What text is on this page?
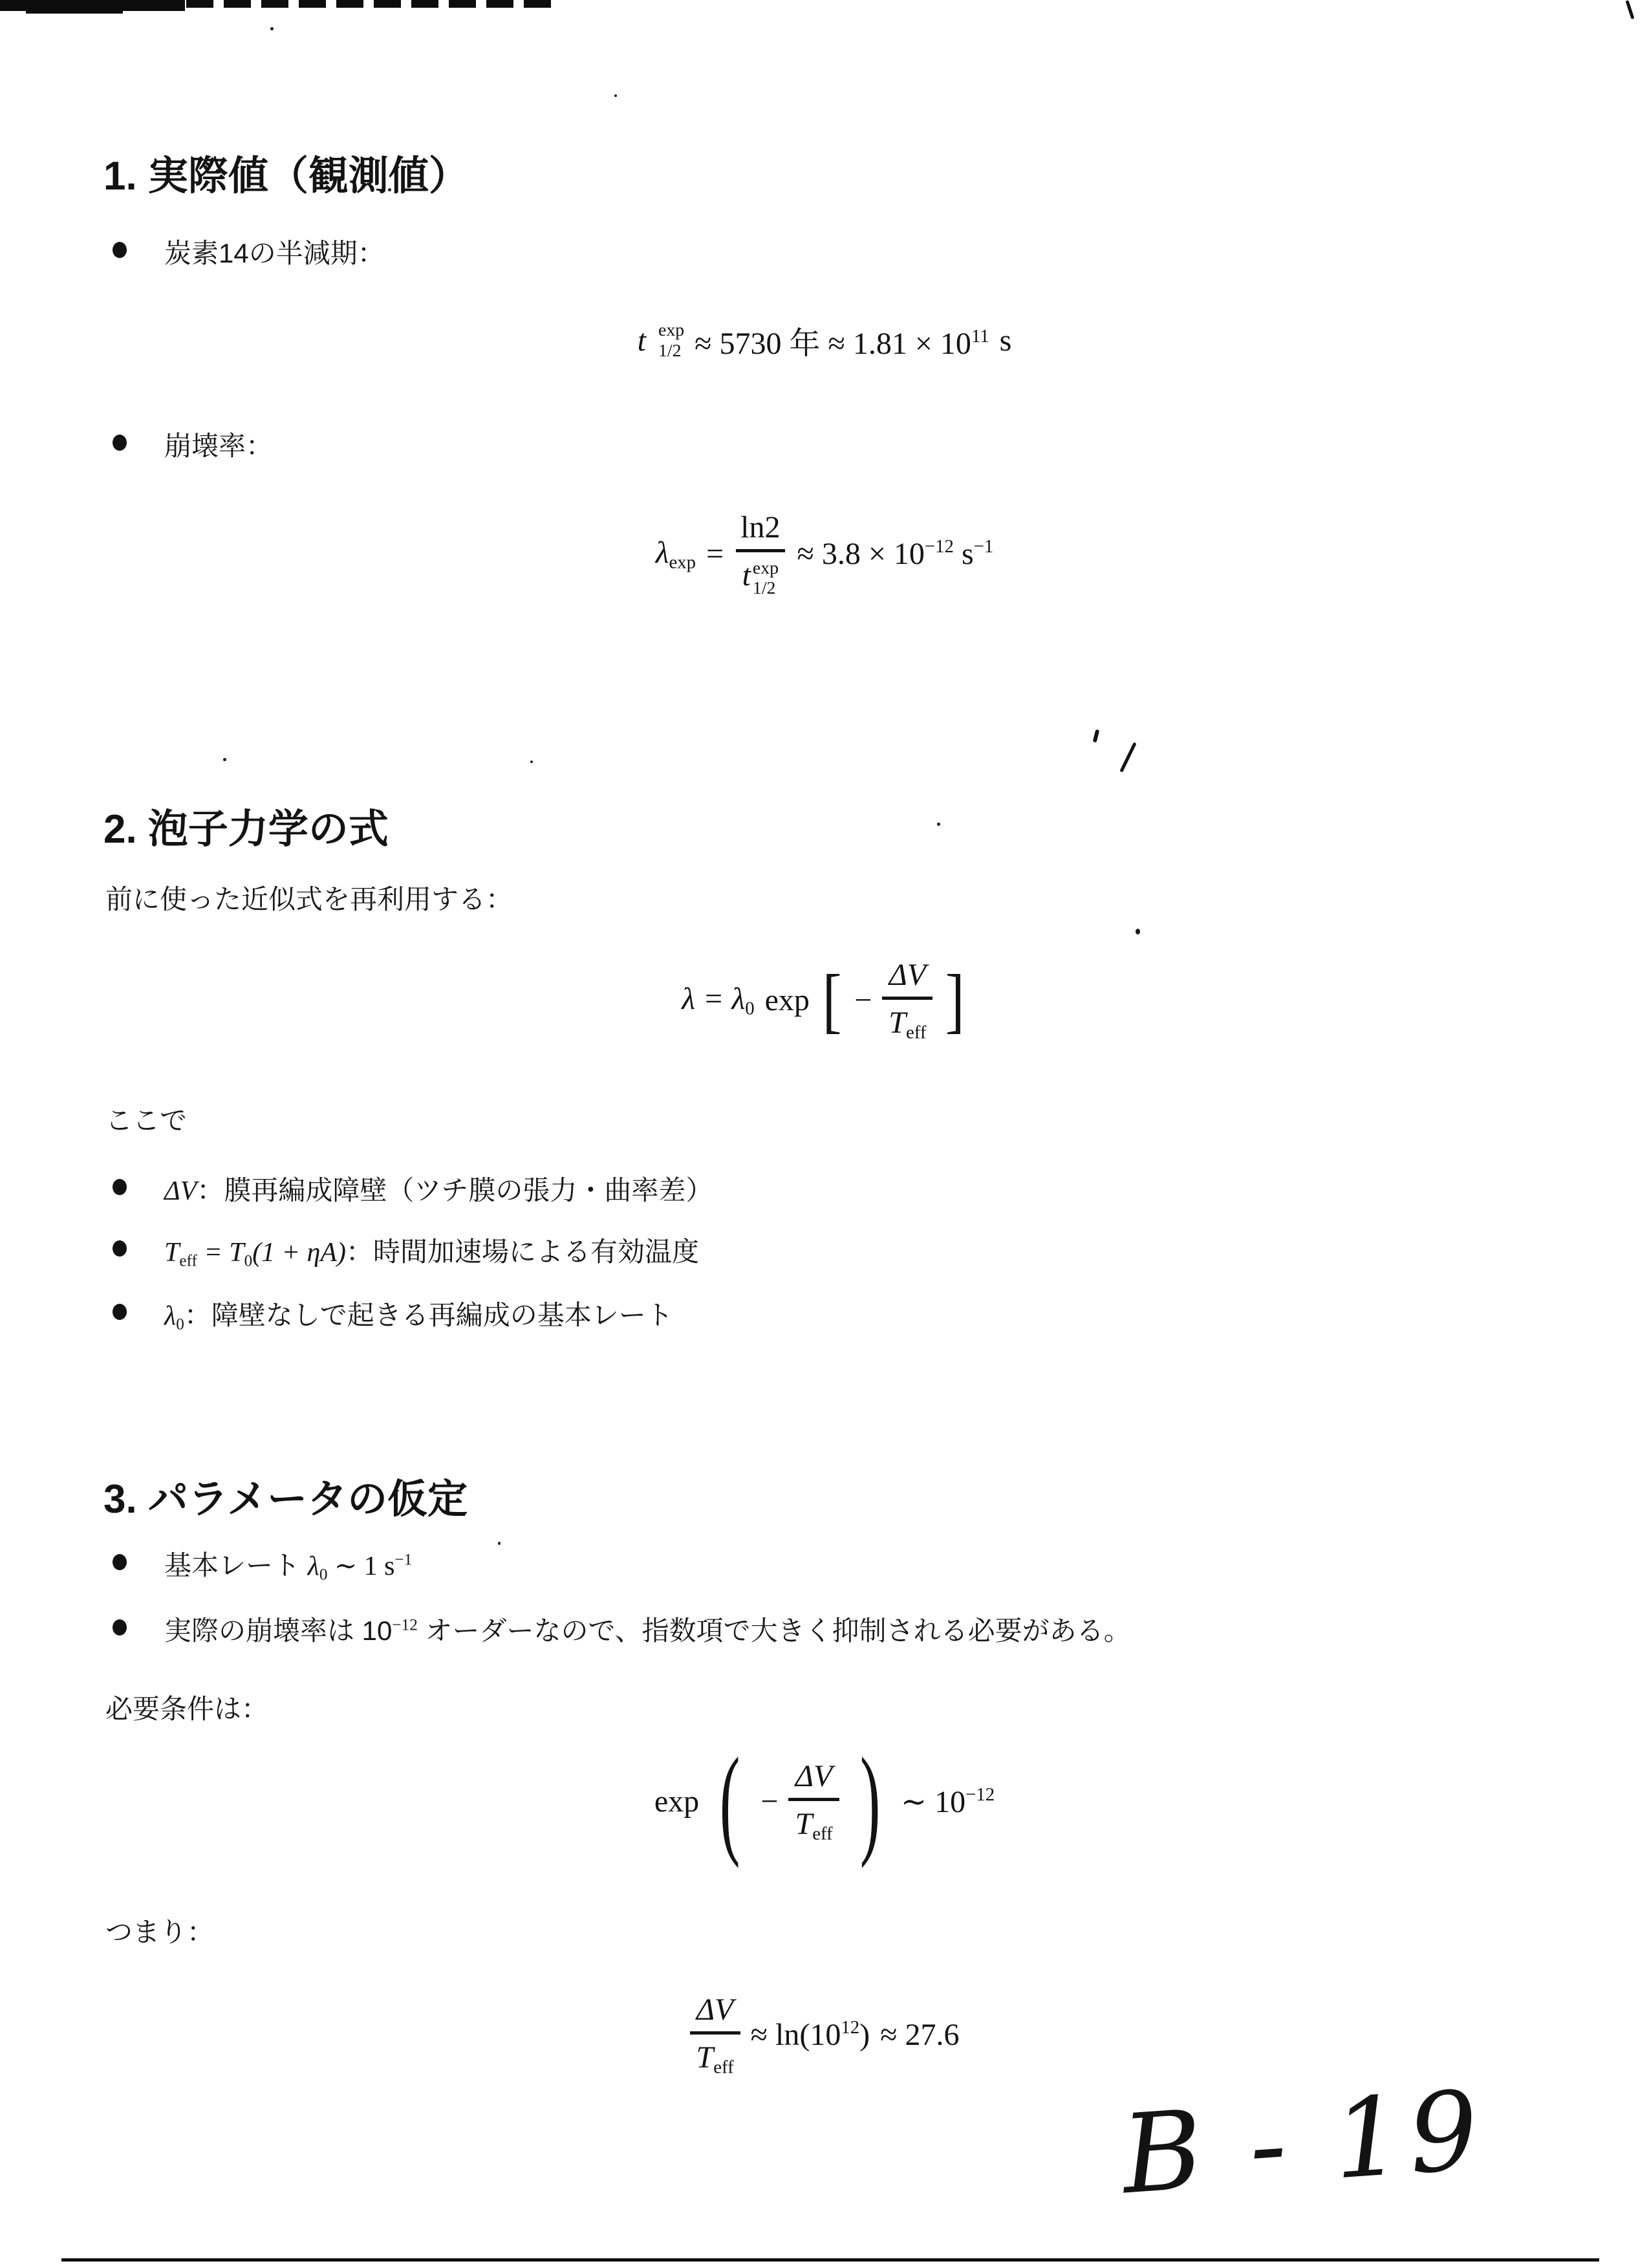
1. 実際値（観測値）
炭素14の半減期：
t exp
1/2 ≈ 5730 年 ≈ $1.81 \times 10^{11}$ s
崩壊率：
$\lambda_{exp} = \ln 2$
t exp
$1/2 \approx 3.8 \times 10^{-12}$ $s^{-1}$
2. 泡子力学の式

前に使った近似式を再利用する：

$\lambda = \lambda_0$ exp [ − $\frac{\Delta V}{T_{eff}}$ ]

ここで

ΔV：膜再編成障壁（ツチ膜の張力・曲率差）
$T_{eff} = T_0(1 + \eta A)$：時間加速場による有効温度
$\lambda_0$：障壁なしで起きる再編成の基本レート
3. パラメータの仮定
基本レート $\lambda_0$ ∼ 1 $s^{-1}$
実際の崩壊率は $10^{-12}$ オーダーなので、指数項で大きく抑制される必要がある。

必要条件は：

exp ( − $\frac{\Delta V}{T_{eff}}$ ) ∼ $10^{-12}$

つまり：

$\frac{\Delta V}{T_{eff}} \approx \ln(10^{12}) \approx 27.6$

B - 19
